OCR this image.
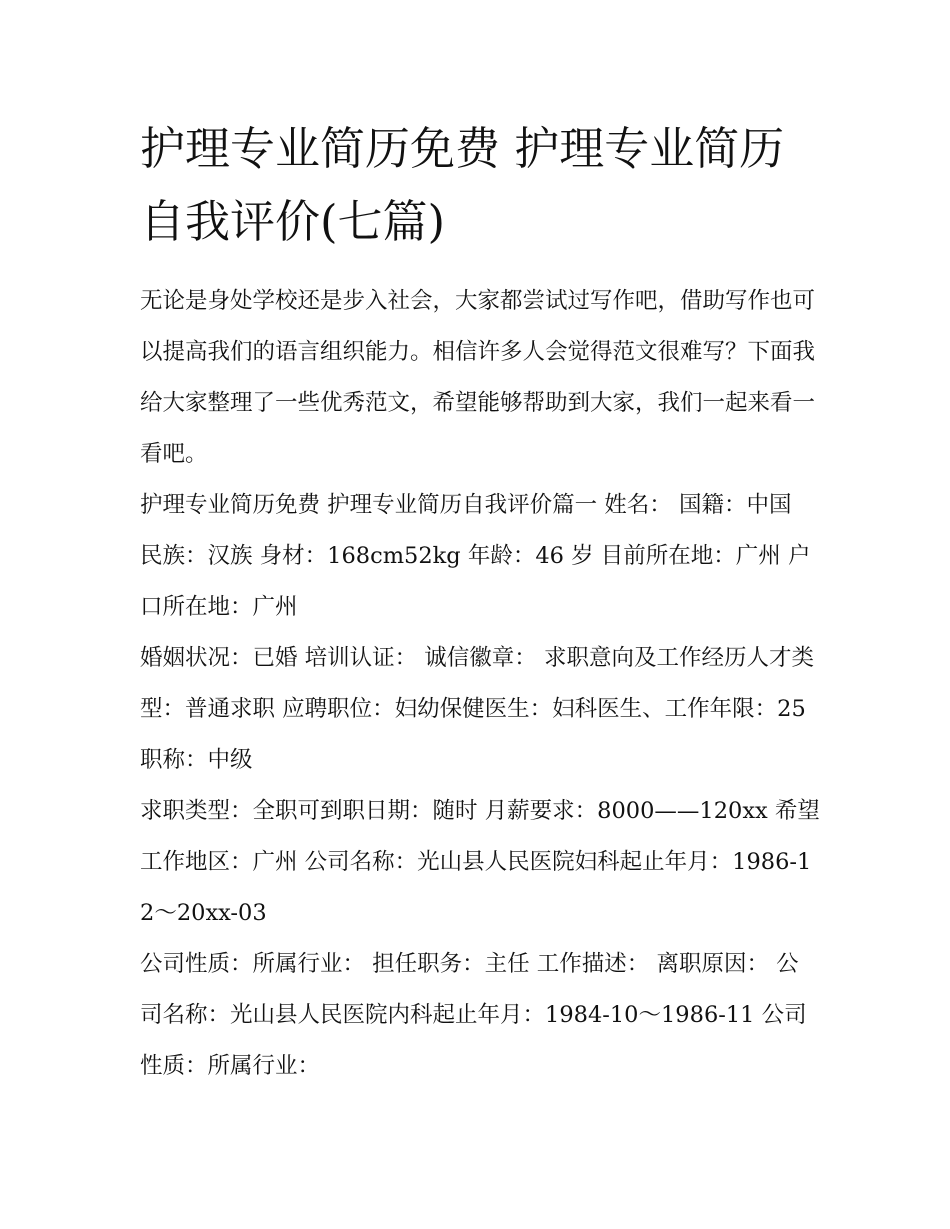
护理专业简历免费 护理专业简历自我评价(七篇)

无论是身处学校还是步入社会，大家都尝试过写作吧，借助写作也可以提高我们的语言组织能力。相信许多人会觉得范文很难写？下面我给大家整理了一些优秀范文，希望能够帮助到大家，我们一起来看一看吧。

护理专业简历免费 护理专业简历自我评价篇一 姓名： 国籍：中国 民族：汉族 身材：168cm52kg 年龄：46 岁 目前所在地：广州 户口所在地：广州

婚姻状况：已婚 培训认证： 诚信徽章： 求职意向及工作经历人才类型：普通求职 应聘职位：妇幼保健医生：妇科医生、工作年限：25 职称：中级

求职类型：全职可到职日期：随时 月薪要求：8000——120xx 希望工作地区：广州 公司名称：光山县人民医院妇科起止年月：1986-12～20xx-03

公司性质：所属行业： 担任职务：主任 工作描述： 离职原因： 公司名称：光山县人民医院内科起止年月：1984-10～1986-11 公司性质：所属行业：
